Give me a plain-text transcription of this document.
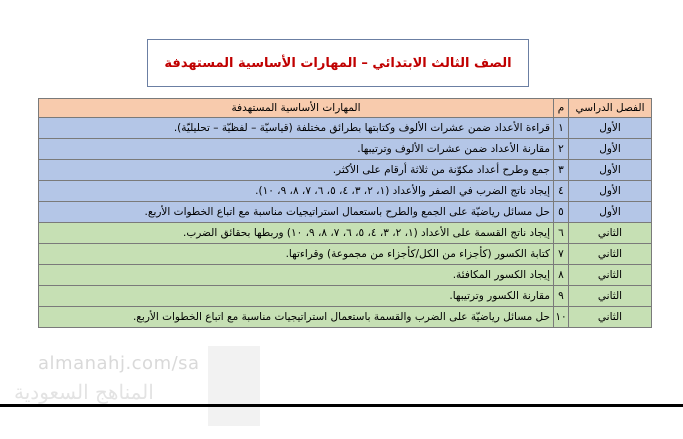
الصف الثالث الابتدائي – المهارات الأساسية المستهدفة
الفصل الدراسي	م	المهارات الأساسية المستهدفة
الأول	١	قراءة الأعداد ضمن عشرات الألوف وكتابتها بطرائق مختلفة (قياسيّة – لفظيّة – تحليليّة).
الأول	٢	مقارنة الأعداد ضمن عشرات الألوف وترتيبها.
الأول	٣	جمع وطرح أعداد مكوّنة من ثلاثة أرقام على الأكثر.
الأول	٤	إيجاد ناتج الضرب في الصفر والأعداد (١، ٢، ٣، ٤، ٥، ٦، ٧، ٨، ٩، ١٠).
الأول	٥	حل مسائل رياضيّة على الجمع والطرح باستعمال استراتيجيات مناسبة مع اتباع الخطوات الأربع.
الثاني	٦	إيجاد ناتج القسمة على الأعداد (١، ٢، ٣، ٤، ٥، ٦، ٧، ٨، ٩، ١٠) وربطها بحقائق الضرب.
الثاني	٧	كتابة الكسور (كأجزاء من الكل/كأجزاء من مجموعة) وقراءتها.
الثاني	٨	إيجاد الكسور المكافئة.
الثاني	٩	مقارنة الكسور وترتيبها.
الثاني	١٠	حل مسائل رياضيّة على الضرب والقسمة باستعمال استراتيجيات مناسبة مع اتباع الخطوات الأربع.
almanahj.com/sa
المناهج السعودية
